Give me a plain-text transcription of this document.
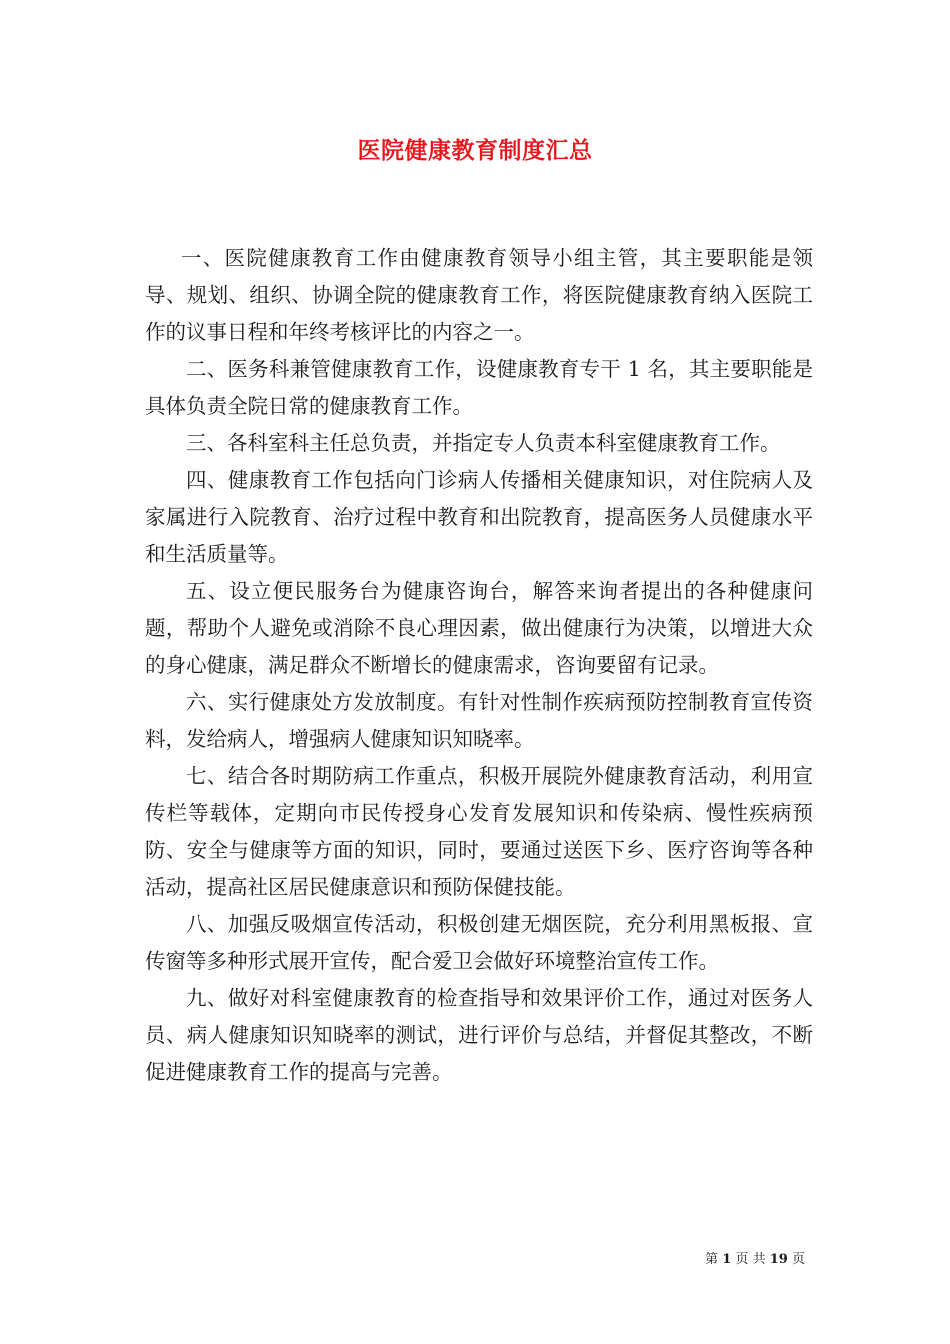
医院健康教育制度汇总

一、医院健康教育工作由健康教育领导小组主管，其主要职能是领导、规划、组织、协调全院的健康教育工作，将医院健康教育纳入医院工作的议事日程和年终考核评比的内容之一。

二、医务科兼管健康教育工作，设健康教育专干 1 名，其主要职能是具体负责全院日常的健康教育工作。

三、各科室科主任总负责，并指定专人负责本科室健康教育工作。

四、健康教育工作包括向门诊病人传播相关健康知识，对住院病人及家属进行入院教育、治疗过程中教育和出院教育，提高医务人员健康水平和生活质量等。

五、设立便民服务台为健康咨询台，解答来询者提出的各种健康问题，帮助个人避免或消除不良心理因素，做出健康行为决策，以增进大众的身心健康，满足群众不断增长的健康需求，咨询要留有记录。

六、实行健康处方发放制度。有针对性制作疾病预防控制教育宣传资料，发给病人，增强病人健康知识知晓率。

七、结合各时期防病工作重点，积极开展院外健康教育活动，利用宣传栏等载体，定期向市民传授身心发育发展知识和传染病、慢性疾病预防、安全与健康等方面的知识，同时，要通过送医下乡、医疗咨询等各种活动，提高社区居民健康意识和预防保健技能。

八、加强反吸烟宣传活动，积极创建无烟医院，充分利用黑板报、宣传窗等多种形式展开宣传，配合爱卫会做好环境整治宣传工作。

九、做好对科室健康教育的检查指导和效果评价工作，通过对医务人员、病人健康知识知晓率的测试，进行评价与总结，并督促其整改，不断促进健康教育工作的提高与完善。

第 1 页 共 19 页
